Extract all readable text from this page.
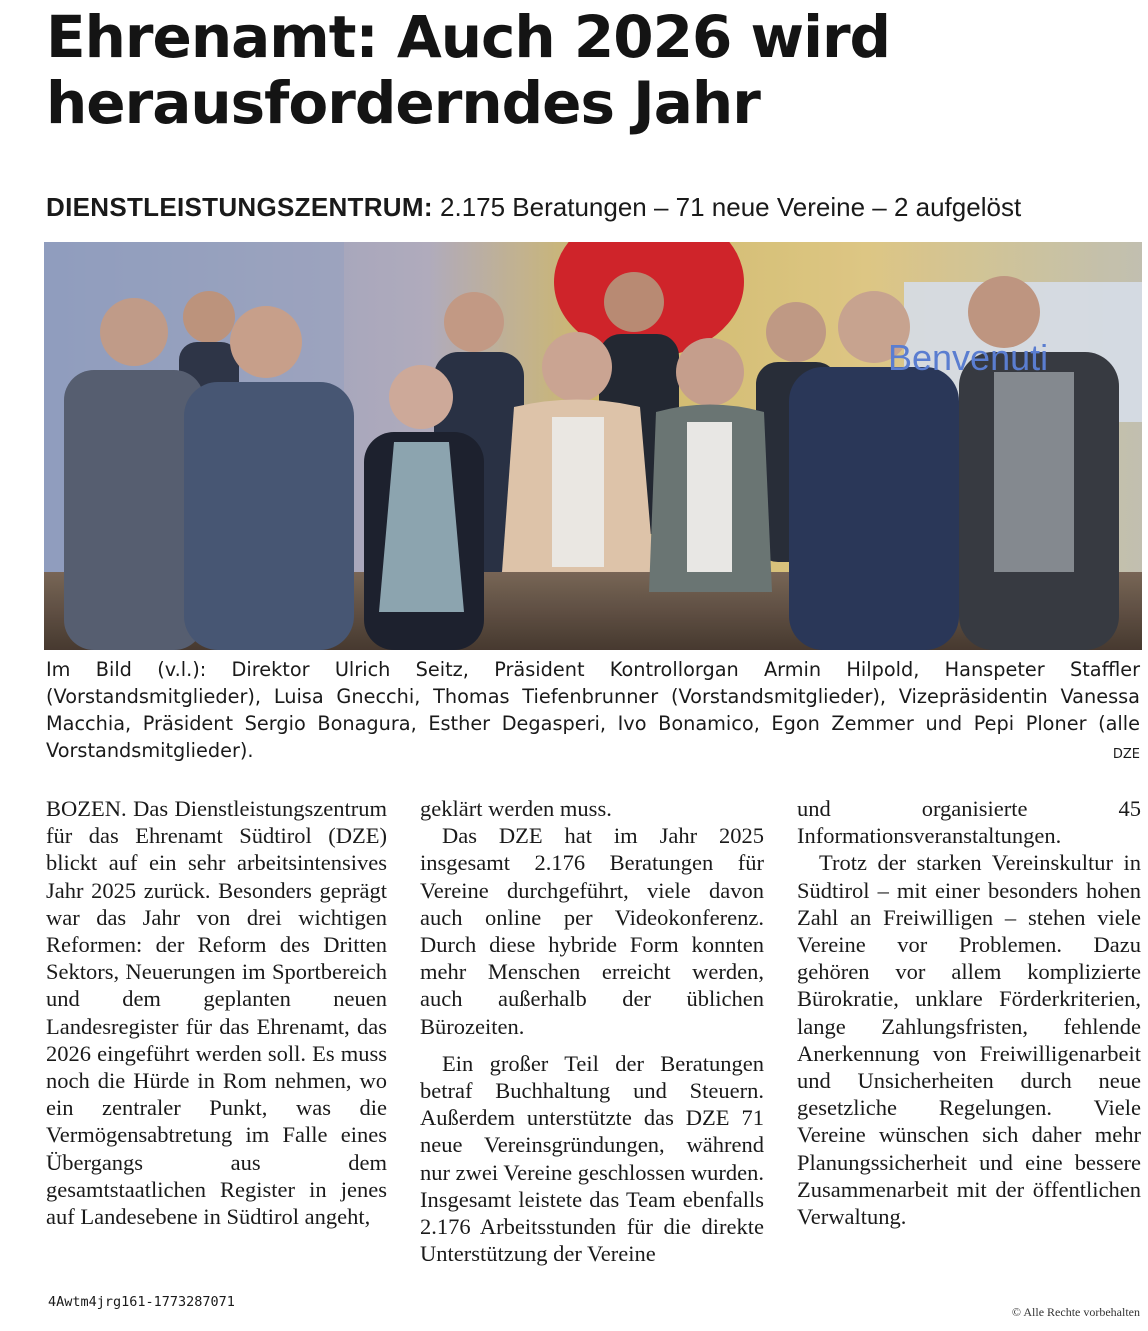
Ehrenamt: Auch 2026 wird
herausforderndes Jahr
DIENSTLEISTUNGSZENTRUM: 2.175 Beratungen – 71 neue Vereine – 2 aufgelöst
Benvenuti

Im Bild (v.l.): Direktor Ulrich Seitz, Präsident Kontrollorgan Armin Hilpold, Hanspeter Staffler (Vorstandsmitglieder), Luisa Gnecchi, Thomas Tiefenbrunner (Vorstandsmitglieder), Vizepräsidentin Vanessa Macchia, Präsident Sergio Bonagura, Esther Degasperi, Ivo Bonamico, Egon Zemmer und Pepi Ploner (alle Vorstandsmitglieder).	DZE

BOZEN. Das Dienstleistungszentrum für das Ehrenamt Südtirol (DZE) blickt auf ein sehr arbeitsintensives Jahr 2025 zurück. Besonders geprägt war das Jahr von drei wichtigen Reformen: der Reform des Dritten Sektors, Neuerungen im Sportbereich und dem geplanten neuen Landesregister für das Ehrenamt, das 2026 eingeführt werden soll. Es muss noch die Hürde in Rom nehmen, wo ein zentraler Punkt, was die Vermögensabtretung im Falle eines Übergangs aus dem gesamtstaatlichen Register in jenes auf Landesebene in Südtirol angeht,

geklärt werden muss.

Das DZE hat im Jahr 2025 insgesamt 2.176 Beratungen für Vereine durchgeführt, viele davon auch online per Videokonferenz. Durch diese hybride Form konnten mehr Menschen erreicht werden, auch außerhalb der üblichen Bürozeiten.

Ein großer Teil der Beratungen betraf Buchhaltung und Steuern. Außerdem unterstützte das DZE 71 neue Vereinsgründungen, während nur zwei Vereine geschlossen wurden. Insgesamt leistete das Team ebenfalls 2.176 Arbeitsstunden für die direkte Unterstützung der Vereine

und organisierte 45 Informationsveranstaltungen.

Trotz der starken Vereinskultur in Südtirol – mit einer besonders hohen Zahl an Freiwilligen – stehen viele Vereine vor Problemen. Dazu gehören vor allem komplizierte Bürokratie, unklare Förderkriterien, lange Zahlungsfristen, fehlende Anerkennung von Freiwilligenarbeit und Unsicherheiten durch neue gesetzliche Regelungen. Viele Vereine wünschen sich daher mehr Planungssicherheit und eine bessere Zusammenarbeit mit der öffentlichen Verwaltung.

4Awtm4jrg161-1773287071
© Alle Rechte vorbehalten
